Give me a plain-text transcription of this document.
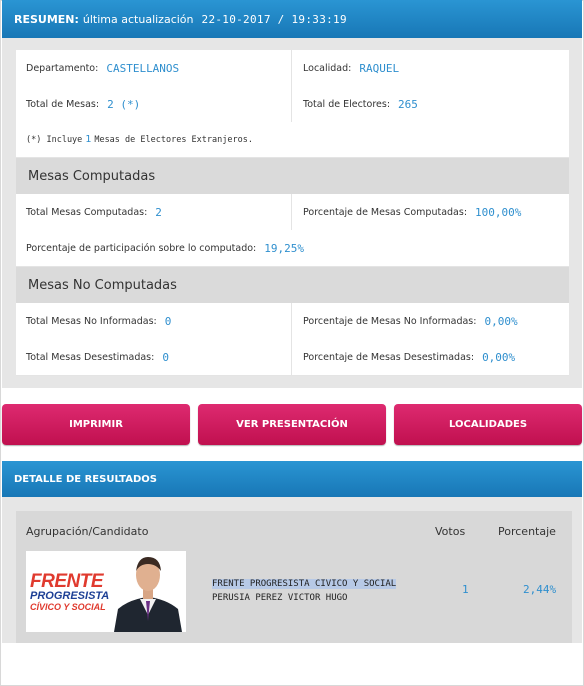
RESUMEN: última actualización 22-10-2017 / 19:33:19
Departamento: CASTELLANOS	Localidad: RAQUEL
Total de Mesas: 2 (*)	Total de Electores: 265
(*) Incluye 1 Mesas de Electores Extranjeros.
Mesas Computadas
Total Mesas Computadas: 2	Porcentaje de Mesas Computadas: 100,00%
Porcentaje de participación sobre lo computado: 19,25%
Mesas No Computadas
Total Mesas No Informadas: 0	Porcentaje de Mesas No Informadas: 0,00%
Total Mesas Desestimadas: 0	Porcentaje de Mesas Desestimadas: 0,00%
IMPRIMIR	VER PRESENTACIÓN	LOCALIDADES
DETALLE DE RESULTADOS
Agrupación/Candidato	Votos	Porcentaje
FRENTE
PROGRESISTA
CÍVICO Y SOCIAL
FRENTE PROGRESISTA CIVICO Y SOCIAL
PERUSIA PEREZ VICTOR HUGO
1	2,44%
